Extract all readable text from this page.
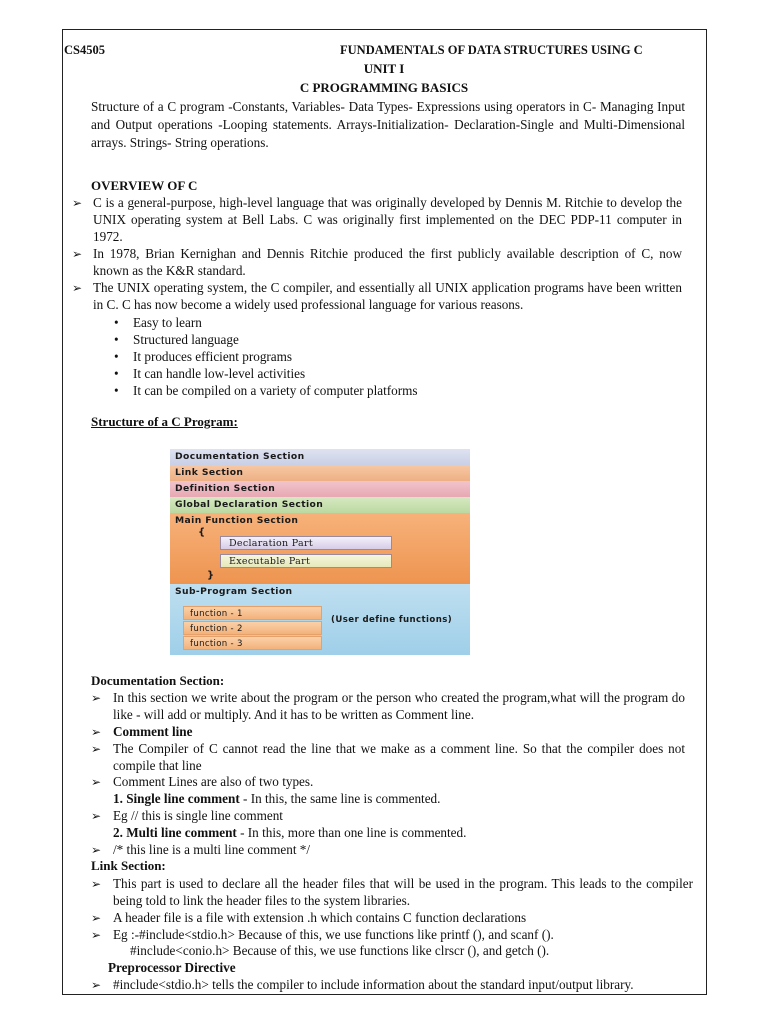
CS4505	FUNDAMENTALS OF DATA STRUCTURES USING C
UNIT I
C PROGRAMMING BASICS
Structure of a C program -Constants, Variables- Data Types- Expressions using operators in C- Managing Input and Output operations -Looping statements. Arrays-Initialization- Declaration-Single and Multi-Dimensional arrays. Strings- String operations.
OVERVIEW OF C
➢ C is a general-purpose, high-level language that was originally developed by Dennis M. Ritchie to develop the UNIX operating system at Bell Labs. C was originally first implemented on the DEC PDP-11 computer in 1972.
➢ In 1978, Brian Kernighan and Dennis Ritchie produced the first publicly available description of C, now known as the K&R standard.
➢ The UNIX operating system, the C compiler, and essentially all UNIX application programs have been written in C. C has now become a widely used professional language for various reasons.
• Easy to learn
• Structured language
• It produces efficient programs
• It can handle low-level activities
• It can be compiled on a variety of computer platforms
Structure of a C Program:
Documentation Section
Link Section
Definition Section
Global Declaration Section
Main Function Section
{
Declaration Part
Executable Part
}
Sub-Program Section
function - 1
function - 2
function - 3
(User define functions)
Documentation Section:
➢ In this section we write about the program or the person who created the program,what will the program do like - will add or multiply. And it has to be written as Comment line.
➢ Comment line
➢ The Compiler of C cannot read the line that we make as a comment line. So that the compiler does not compile that line
➢ Comment Lines are also of two types.
1. Single line comment - In this, the same line is commented.
➢ Eg // this is single line comment
2. Multi line comment - In this, more than one line is commented.
➢ /* this line is a multi line comment */
Link Section:
➢ This part is used to declare all the header files that will be used in the program. This leads to the compiler being told to link the header files to the system libraries.
➢ A header file is a file with extension .h which contains C function declarations
➢ Eg :-#include<stdio.h> Because of this, we use functions like printf (), and scanf ().
#include<conio.h> Because of this, we use functions like clrscr (), and getch ().
Preprocessor Directive
➢ #include<stdio.h> tells the compiler to include information about the standard input/output library.
